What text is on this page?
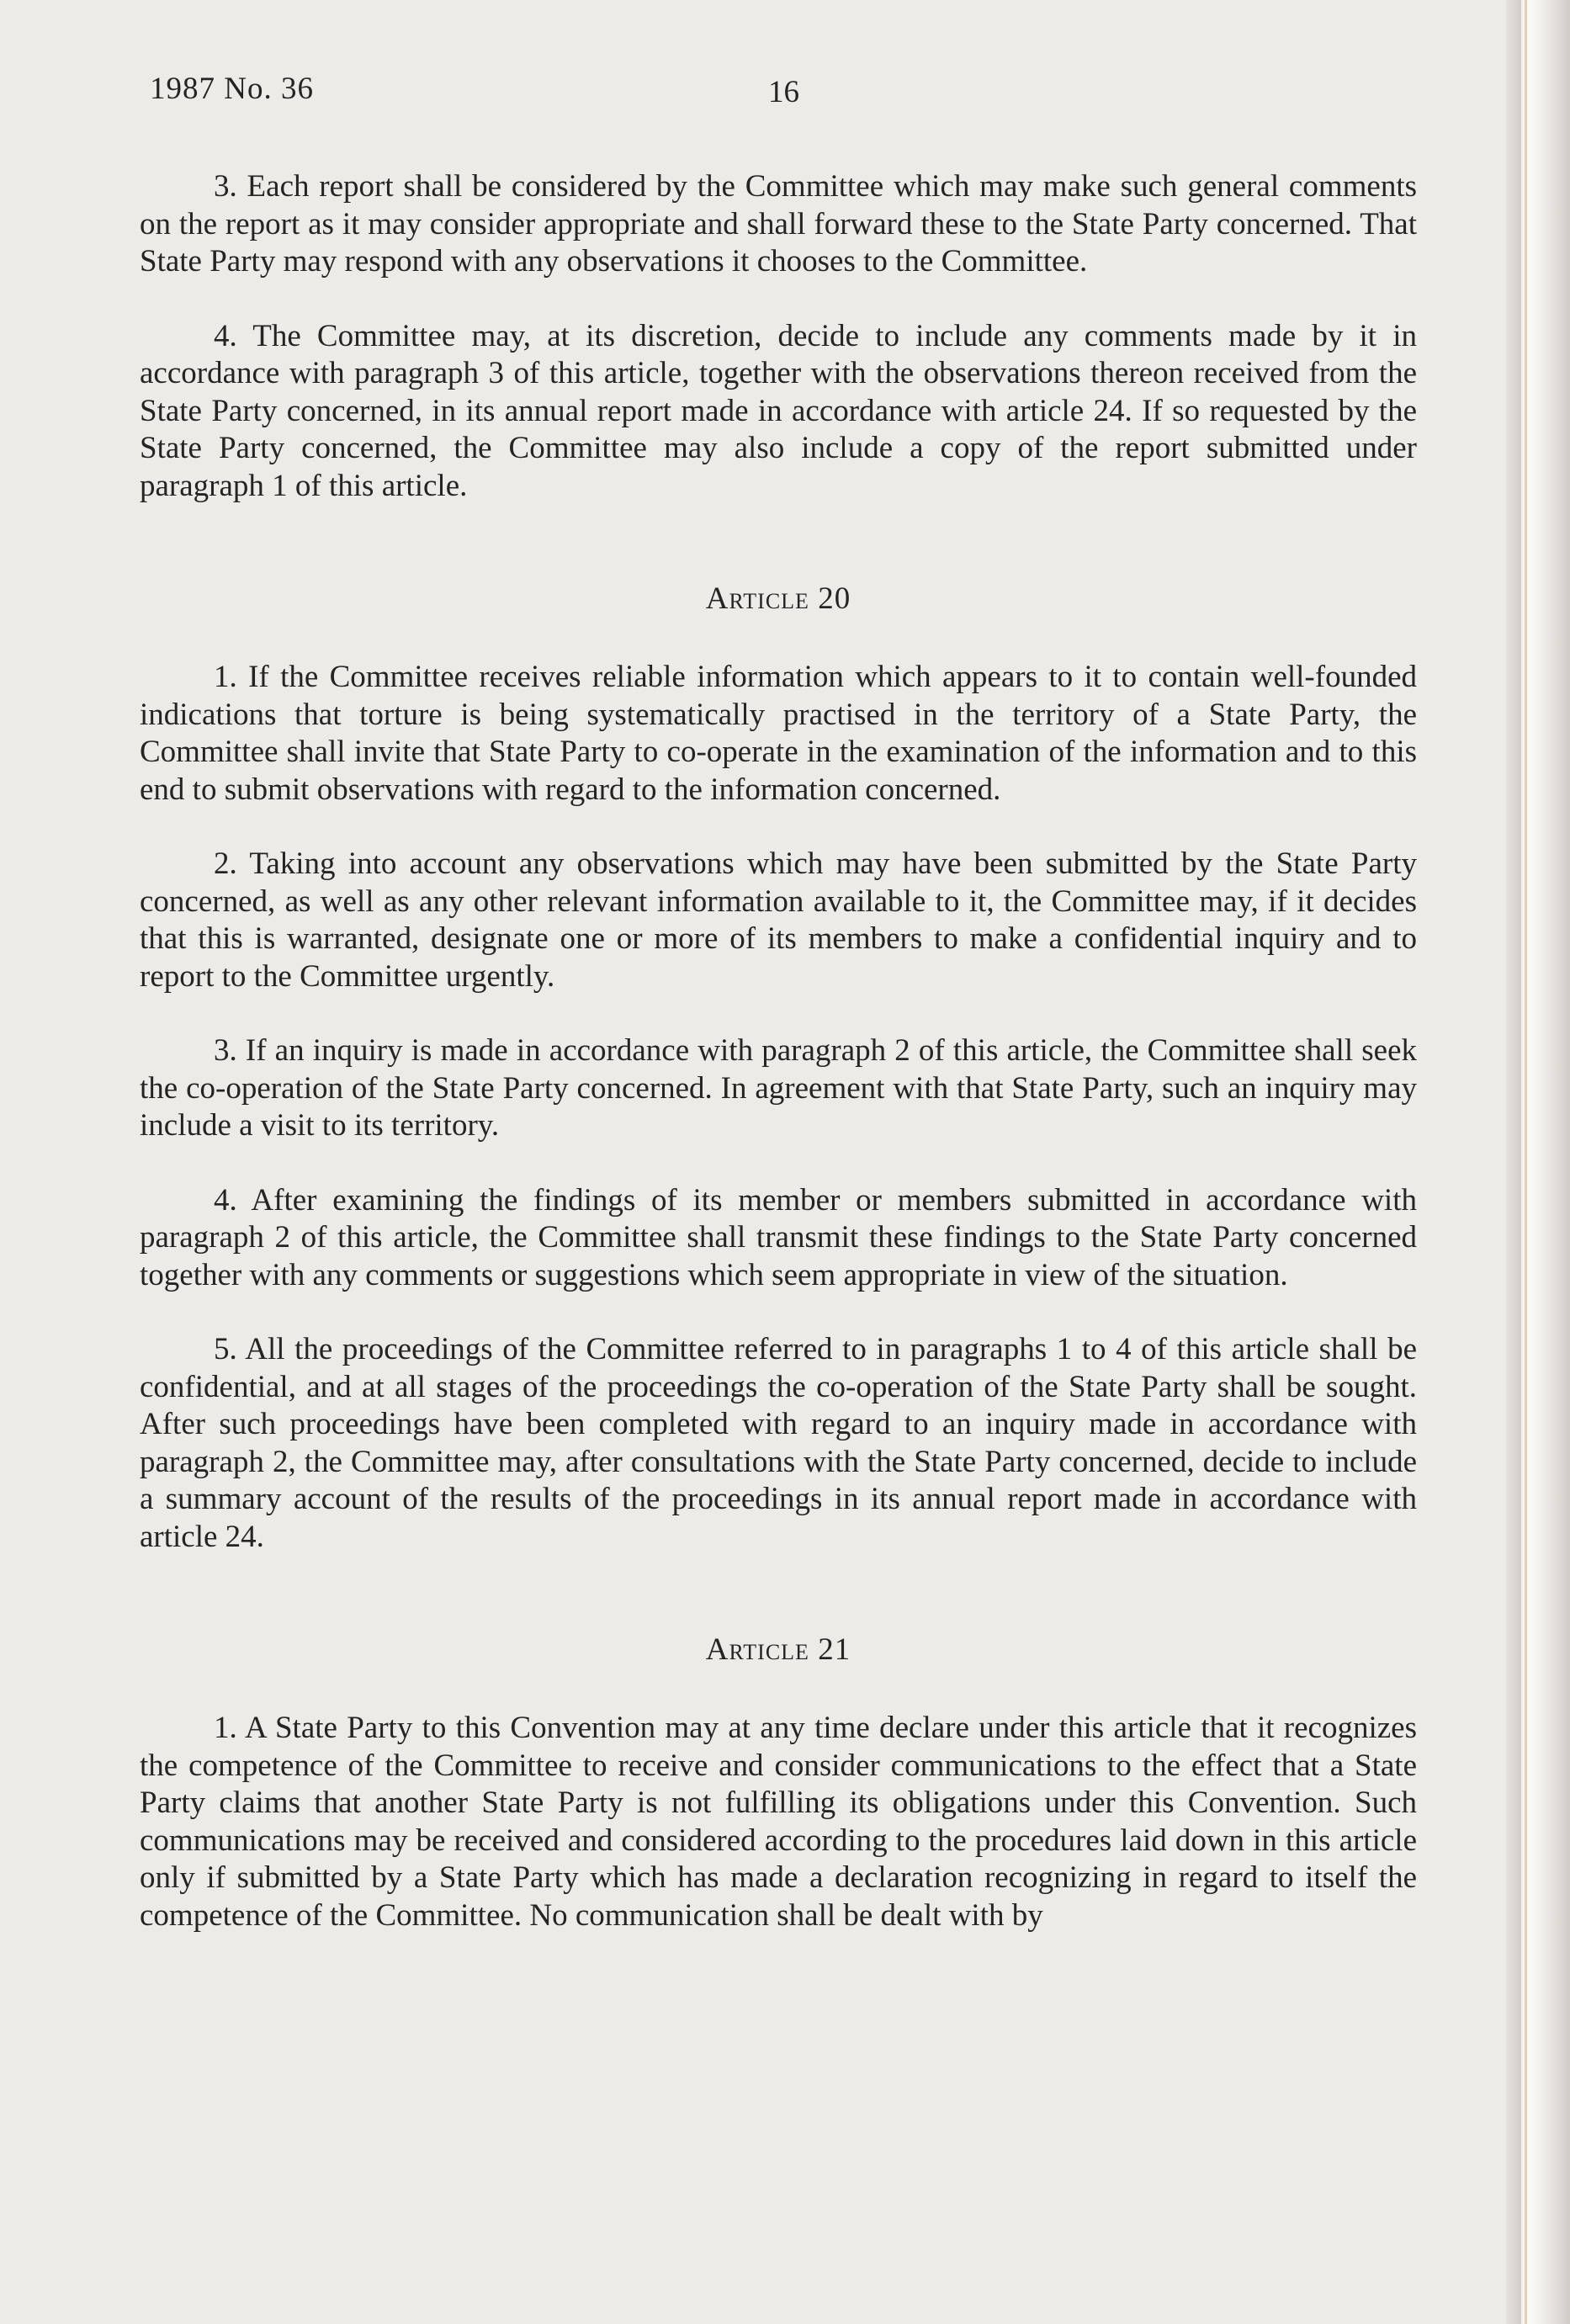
1987 No. 36	16

3. Each report shall be considered by the Committee which may make such general comments on the report as it may consider appropriate and shall forward these to the State Party concerned. That State Party may respond with any observations it chooses to the Committee.

4. The Committee may, at its discretion, decide to include any comments made by it in accordance with paragraph 3 of this article, together with the observations thereon received from the State Party concerned, in its annual report made in accordance with article 24. If so requested by the State Party concerned, the Committee may also include a copy of the report submitted under paragraph 1 of this article.

Article 20

1. If the Committee receives reliable information which appears to it to contain well-founded indications that torture is being systematically practised in the territory of a State Party, the Committee shall invite that State Party to co-operate in the examination of the information and to this end to submit observations with regard to the information concerned.

2. Taking into account any observations which may have been submitted by the State Party concerned, as well as any other relevant information available to it, the Committee may, if it decides that this is warranted, designate one or more of its members to make a confidential inquiry and to report to the Committee urgently.

3. If an inquiry is made in accordance with paragraph 2 of this article, the Committee shall seek the co-operation of the State Party concerned. In agreement with that State Party, such an inquiry may include a visit to its territory.

4. After examining the findings of its member or members submitted in accordance with paragraph 2 of this article, the Committee shall transmit these findings to the State Party concerned together with any comments or suggestions which seem appropriate in view of the situation.

5. All the proceedings of the Committee referred to in paragraphs 1 to 4 of this article shall be confidential, and at all stages of the proceedings the co-operation of the State Party shall be sought. After such proceedings have been completed with regard to an inquiry made in accordance with paragraph 2, the Committee may, after consultations with the State Party concerned, decide to include a summary account of the results of the proceedings in its annual report made in accordance with article 24.

Article 21

1. A State Party to this Convention may at any time declare under this article that it recognizes the competence of the Committee to receive and consider communications to the effect that a State Party claims that another State Party is not fulfilling its obligations under this Convention. Such communications may be received and considered according to the procedures laid down in this article only if submitted by a State Party which has made a declaration recognizing in regard to itself the competence of the Committee. No communication shall be dealt with by
